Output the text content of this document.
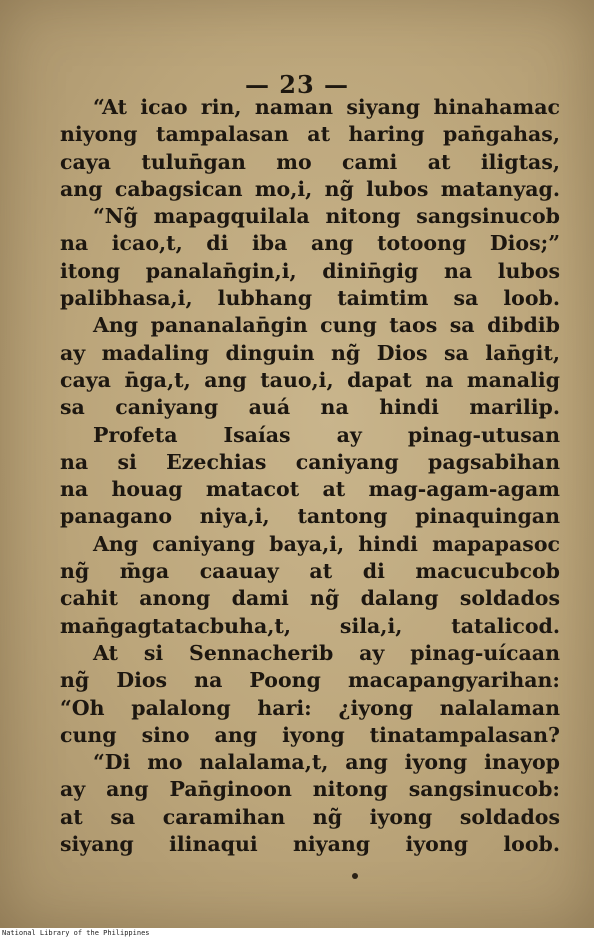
— 23 —
“At icao rin, naman siyang hinahamac
niyong tampalasan at haring pan̄gahas,
caya tulun̄gan mo cami at iligtas,
ang cabagsican mo,i, ng̃ lubos matanyag.
“Ng̃ mapagquilala nitong sangsinucob
na icao,t, di iba ang totoong Dios;”
itong panalan̄gin,i, dinin̄gig na lubos
palibhasa,i, lubhang taimtim sa loob.
Ang pananalan̄gin cung taos sa dibdib
ay madaling dinguin ng̃ Dios sa lan̄git,
caya n̄ga,t, ang tauo,i, dapat na manalig
sa caniyang auá na hindi marilip.
Profeta Isaías ay pinag-utusan
na si Ezechias caniyang pagsabihan
na houag matacot at mag-agam-agam
panagano niya,i, tantong pinaquingan
Ang caniyang baya,i, hindi mapapasoc
ng̃ m̄ga caauay at di macucubcob
cahit anong dami ng̃ dalang soldados
man̄gagtatacbuha,t, sila,i, tatalicod.
At si Sennacherib ay pinag-uícaan
ng̃ Dios na Poong macapangyarihan:
“Oh palalong hari: ¿iyong nalalaman
cung sino ang iyong tinatampalasan?
“Di mo nalalama,t, ang iyong inayop
ay ang Pan̄ginoon nitong sangsinucob:
at sa caramihan ng̃ iyong soldados
siyang ilinaqui niyang iyong loob.
National Library of the Philippines
